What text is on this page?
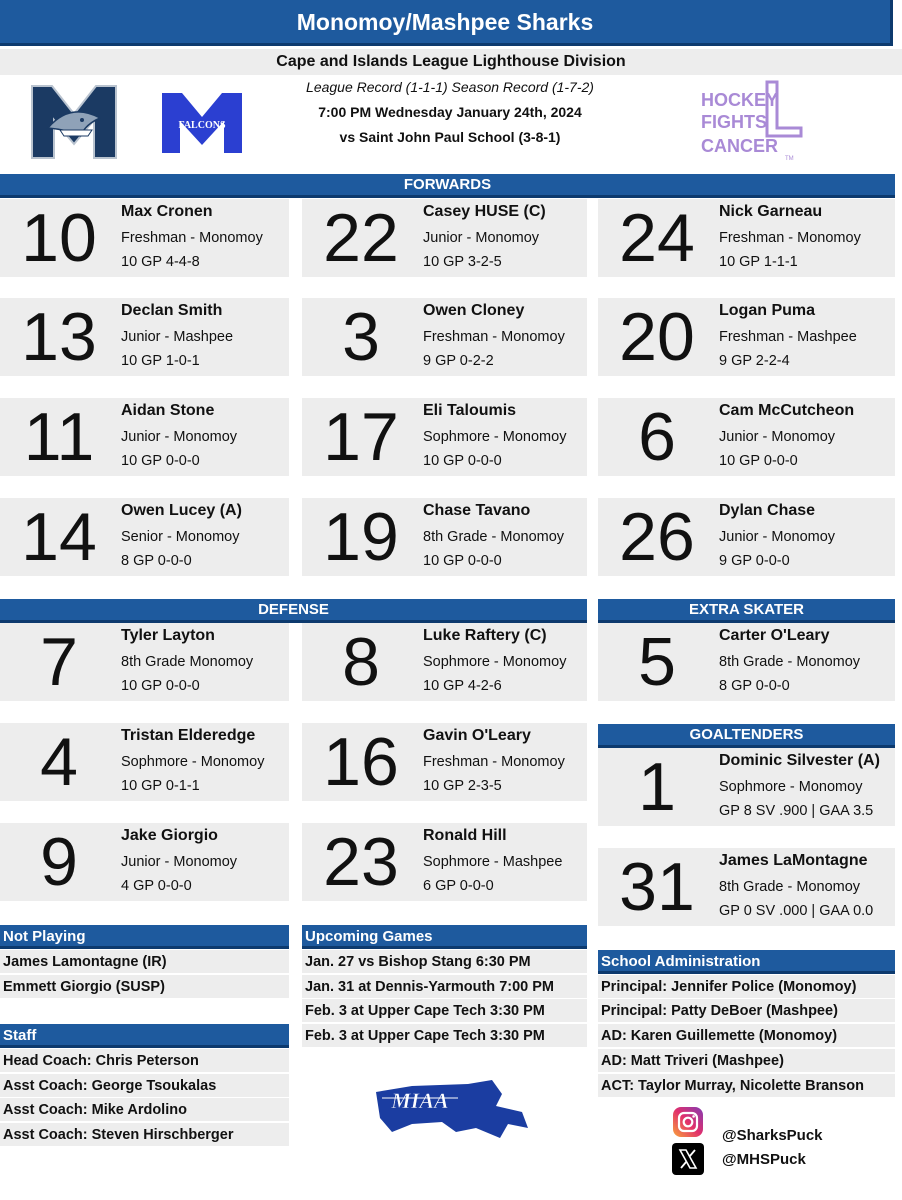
Monomoy/Mashpee Sharks
Cape and Islands League Lighthouse Division
League Record (1-1-1) Season Record (1-7-2)
7:00 PM Wednesday January 24th, 2024
vs Saint John Paul School (3-8-1)
FALCONS
HOCKEY
FIGHTS
CANCER
TM
FORWARDS
DEFENSE	EXTRA SKATER
GOALTENDERS
10	Max Cronen
Freshman - Monomoy
10 GP 4-4-8	22	Casey HUSE (C)
Junior - Monomoy
10 GP 3-2-5	24	Nick Garneau
Freshman - Monomoy
10 GP 1-1-1
13	Declan Smith
Junior - Mashpee
10 GP 1-0-1	3	Owen Cloney
Freshman - Monomoy
9 GP 0-2-2	20	Logan Puma
Freshman - Mashpee
9 GP 2-2-4
11	Aidan Stone
Junior - Monomoy
10 GP 0-0-0	17	Eli Taloumis
Sophmore - Monomoy
10 GP 0-0-0	6	Cam McCutcheon
Junior - Monomoy
10 GP 0-0-0
14	Owen Lucey (A)
Senior - Monomoy
8 GP 0-0-0	19	Chase Tavano
8th Grade - Monomoy
10 GP 0-0-0	26	Dylan Chase
Junior - Monomoy
9 GP 0-0-0
7	Tyler Layton
8th Grade Monomoy
10 GP 0-0-0	8	Luke Raftery (C)
Sophmore - Monomoy
10 GP 4-2-6
4	Tristan Elderedge
Sophmore - Monomoy
10 GP 0-1-1	16	Gavin O'Leary
Freshman - Monomoy
10 GP 2-3-5
9	Jake Giorgio
Junior - Monomoy
4 GP 0-0-0	23	Ronald Hill
Sophmore - Mashpee
6 GP 0-0-0
5	Carter O'Leary
8th Grade - Monomoy
8 GP 0-0-0
1	Dominic Silvester (A)
Sophmore - Monomoy
GP 8 SV .900 | GAA 3.5
31	James LaMontagne
8th Grade - Monomoy
GP 0 SV .000 | GAA 0.0
Not Playing
James Lamontagne (IR)
Emmett Giorgio (SUSP)
Staff
Head Coach: Chris Peterson
Asst Coach: George Tsoukalas
Asst Coach: Mike Ardolino
Asst Coach: Steven Hirschberger
Upcoming Games
Jan. 27 vs Bishop Stang 6:30 PM
Jan. 31 at Dennis-Yarmouth 7:00 PM
Feb. 3 at Upper Cape Tech 3:30 PM
Feb. 3 at Upper Cape Tech 3:30 PM
MIAA
School Administration
Principal: Jennifer Police (Monomoy)
Principal: Patty DeBoer (Mashpee)
AD: Karen Guillemette (Monomoy)
AD: Matt Triveri (Mashpee)
ACT: Taylor Murray, Nicolette Branson
@SharksPuck
@MHSPuck
